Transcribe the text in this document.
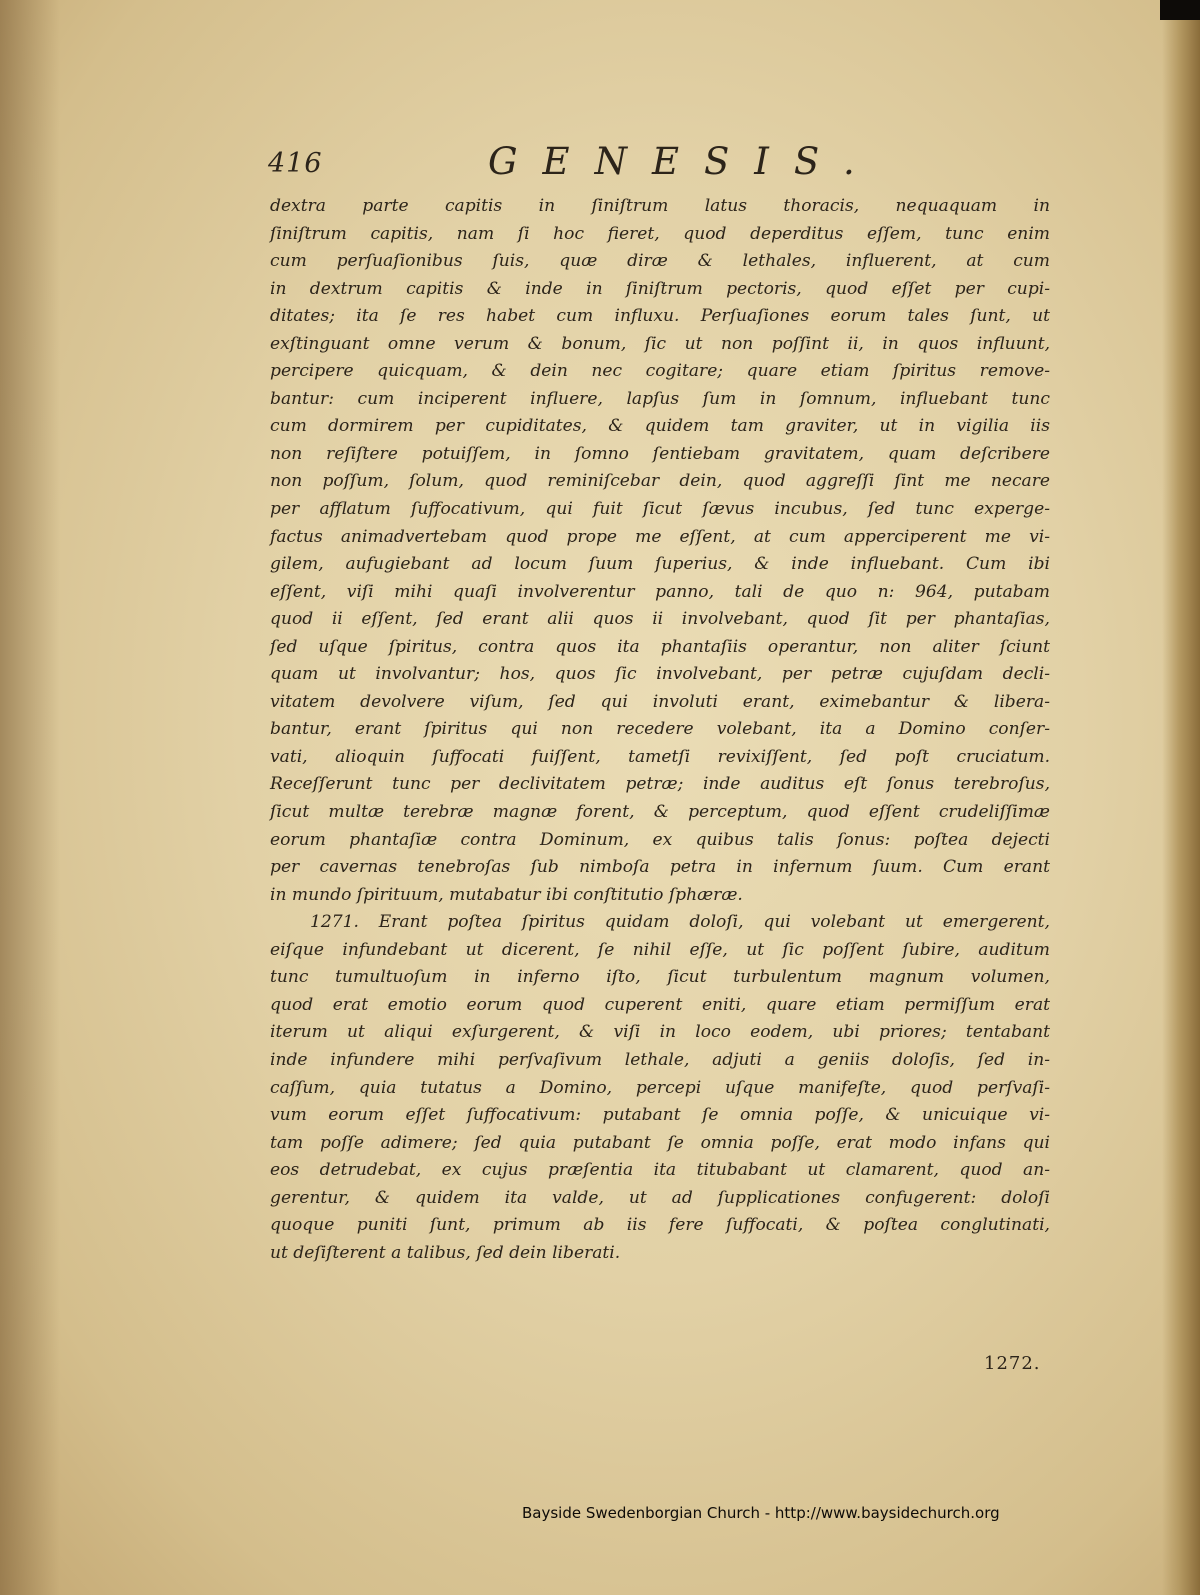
416	GENESIS.
dextra parte capitis in ſiniſtrum latus thoracis, nequaquam in
ſiniſtrum capitis, nam ſi hoc fieret, quod deperditus eſſem, tunc enim
cum perſuaſionibus ſuis, quæ diræ & lethales, influerent, at cum
in dextrum capitis & inde in ſiniſtrum pectoris, quod eſſet per cupi-
ditates; ita ſe res habet cum influxu. Perſuaſiones eorum tales ſunt, ut
exſtinguant omne verum & bonum, ſic ut non poſſint ii, in quos influunt,
percipere quicquam, & dein nec cogitare; quare etiam ſpiritus remove-
bantur: cum inciperent influere, lapſus ſum in ſomnum, influebant tunc
cum dormirem per cupiditates, & quidem tam graviter, ut in vigilia iis
non reſiſtere potuiſſem, in ſomno ſentiebam gravitatem, quam deſcribere
non poſſum, ſolum, quod reminiſcebar dein, quod aggreſſi ſint me necare
per afflatum ſuffocativum, qui fuit ſicut ſævus incubus, ſed tunc experge-
factus animadvertebam quod prope me eſſent, at cum apperciperent me vi-
gilem, aufugiebant ad locum ſuum ſuperius, & inde influebant. Cum ibi
eſſent, viſi mihi quaſi involverentur panno, tali de quo n: 964, putabam
quod ii eſſent, ſed erant alii quos ii involvebant, quod ſit per phantaſias,
ſed uſque ſpiritus, contra quos ita phantaſiis operantur, non aliter ſciunt
quam ut involvantur; hos, quos ſic involvebant, per petræ cujuſdam decli-
vitatem devolvere viſum, ſed qui involuti erant, eximebantur & libera-
bantur, erant ſpiritus qui non recedere volebant, ita a Domino conſer-
vati, alioquin ſuffocati fuiſſent, tametſi revixiſſent, ſed poſt cruciatum.
Receſſerunt tunc per declivitatem petræ; inde auditus eſt ſonus terebroſus,
ſicut multæ terebræ magnæ forent, & perceptum, quod eſſent crudeliſſimæ
eorum phantaſiæ contra Dominum, ex quibus talis ſonus: poſtea dejecti
per cavernas tenebroſas ſub nimboſa petra in infernum ſuum. Cum erant
in mundo ſpirituum, mutabatur ibi conſtitutio ſphæræ.
1271. Erant poſtea ſpiritus quidam doloſi, qui volebant ut emergerent,
eiſque infundebant ut dicerent, ſe nihil eſſe, ut ſic poſſent ſubire, auditum
tunc tumultuoſum in inferno iſto, ſicut turbulentum magnum volumen,
quod erat emotio eorum quod cuperent eniti, quare etiam permiſſum erat
iterum ut aliqui exſurgerent, & viſi in loco eodem, ubi priores; tentabant
inde infundere mihi perſvaſivum lethale, adjuti a geniis doloſis, ſed in-
caſſum, quia tutatus a Domino, percepi uſque manifeſte, quod perſvaſi-
vum eorum eſſet ſuffocativum: putabant ſe omnia poſſe, & unicuique vi-
tam poſſe adimere; ſed quia putabant ſe omnia poſſe, erat modo infans qui
eos detrudebat, ex cujus præſentia ita titubabant ut clamarent, quod an-
gerentur, & quidem ita valde, ut ad ſupplicationes confugerent: doloſi
quoque puniti ſunt, primum ab iis fere ſuffocati, & poſtea conglutinati,
ut deſiſterent a talibus, ſed dein liberati.
1272.
Bayside Swedenborgian Church - http://www.baysidechurch.org
